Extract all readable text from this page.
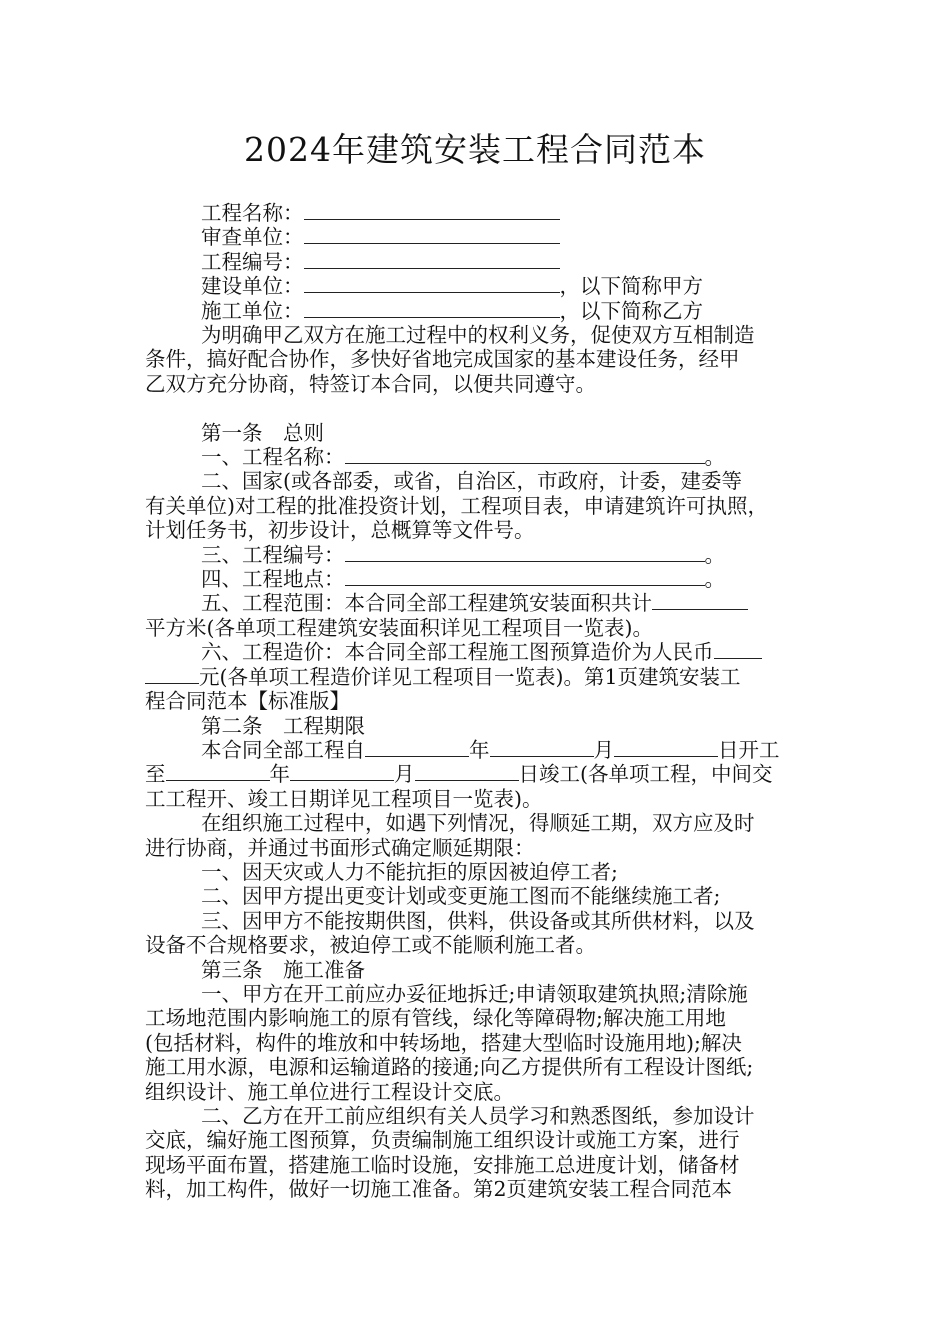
2024年建筑安装工程合同范本

工程名称：

审查单位：

工程编号：

建设单位：	，以下简称甲方

施工单位：	，以下简称乙方

为明确甲乙双方在施工过程中的权利义务，促使双方互相制造

条件，搞好配合协作，多快好省地完成国家的基本建设任务，经甲

乙双方充分协商，特签订本合同，以便共同遵守。

第一条　总则

一、工程名称：	。

二、国家(或各部委，或省，自治区，市政府，计委，建委等

有关单位)对工程的批准投资计划，工程项目表，申请建筑许可执照，

计划任务书，初步设计，总概算等文件号。

三、工程编号：	。

四、工程地点：	。

五、工程范围：本合同全部工程建筑安装面积共计

平方米(各单项工程建筑安装面积详见工程项目一览表)。

六、工程造价：本合同全部工程施工图预算造价为人民币

元(各单项工程造价详见工程项目一览表)。第1页建筑安装工

程合同范本【标准版】

第二条　工程期限

本合同全部工程自	年	月	日开工

至	年	月	日竣工(各单项工程，中间交

工工程开、竣工日期详见工程项目一览表)。

在组织施工过程中，如遇下列情况，得顺延工期，双方应及时

进行协商，并通过书面形式确定顺延期限：

一、因天灾或人力不能抗拒的原因被迫停工者;

二、因甲方提出更变计划或变更施工图而不能继续施工者;

三、因甲方不能按期供图，供料，供设备或其所供材料，以及

设备不合规格要求，被迫停工或不能顺利施工者。

第三条　施工准备

一、甲方在开工前应办妥征地拆迁;申请领取建筑执照;清除施

工场地范围内影响施工的原有管线，绿化等障碍物;解决施工用地

(包括材料，构件的堆放和中转场地，搭建大型临时设施用地);解决

施工用水源，电源和运输道路的接通;向乙方提供所有工程设计图纸;

组织设计、施工单位进行工程设计交底。

二、乙方在开工前应组织有关人员学习和熟悉图纸，参加设计

交底，编好施工图预算，负责编制施工组织设计或施工方案，进行

现场平面布置，搭建施工临时设施，安排施工总进度计划，储备材

料，加工构件，做好一切施工准备。第2页建筑安装工程合同范本
